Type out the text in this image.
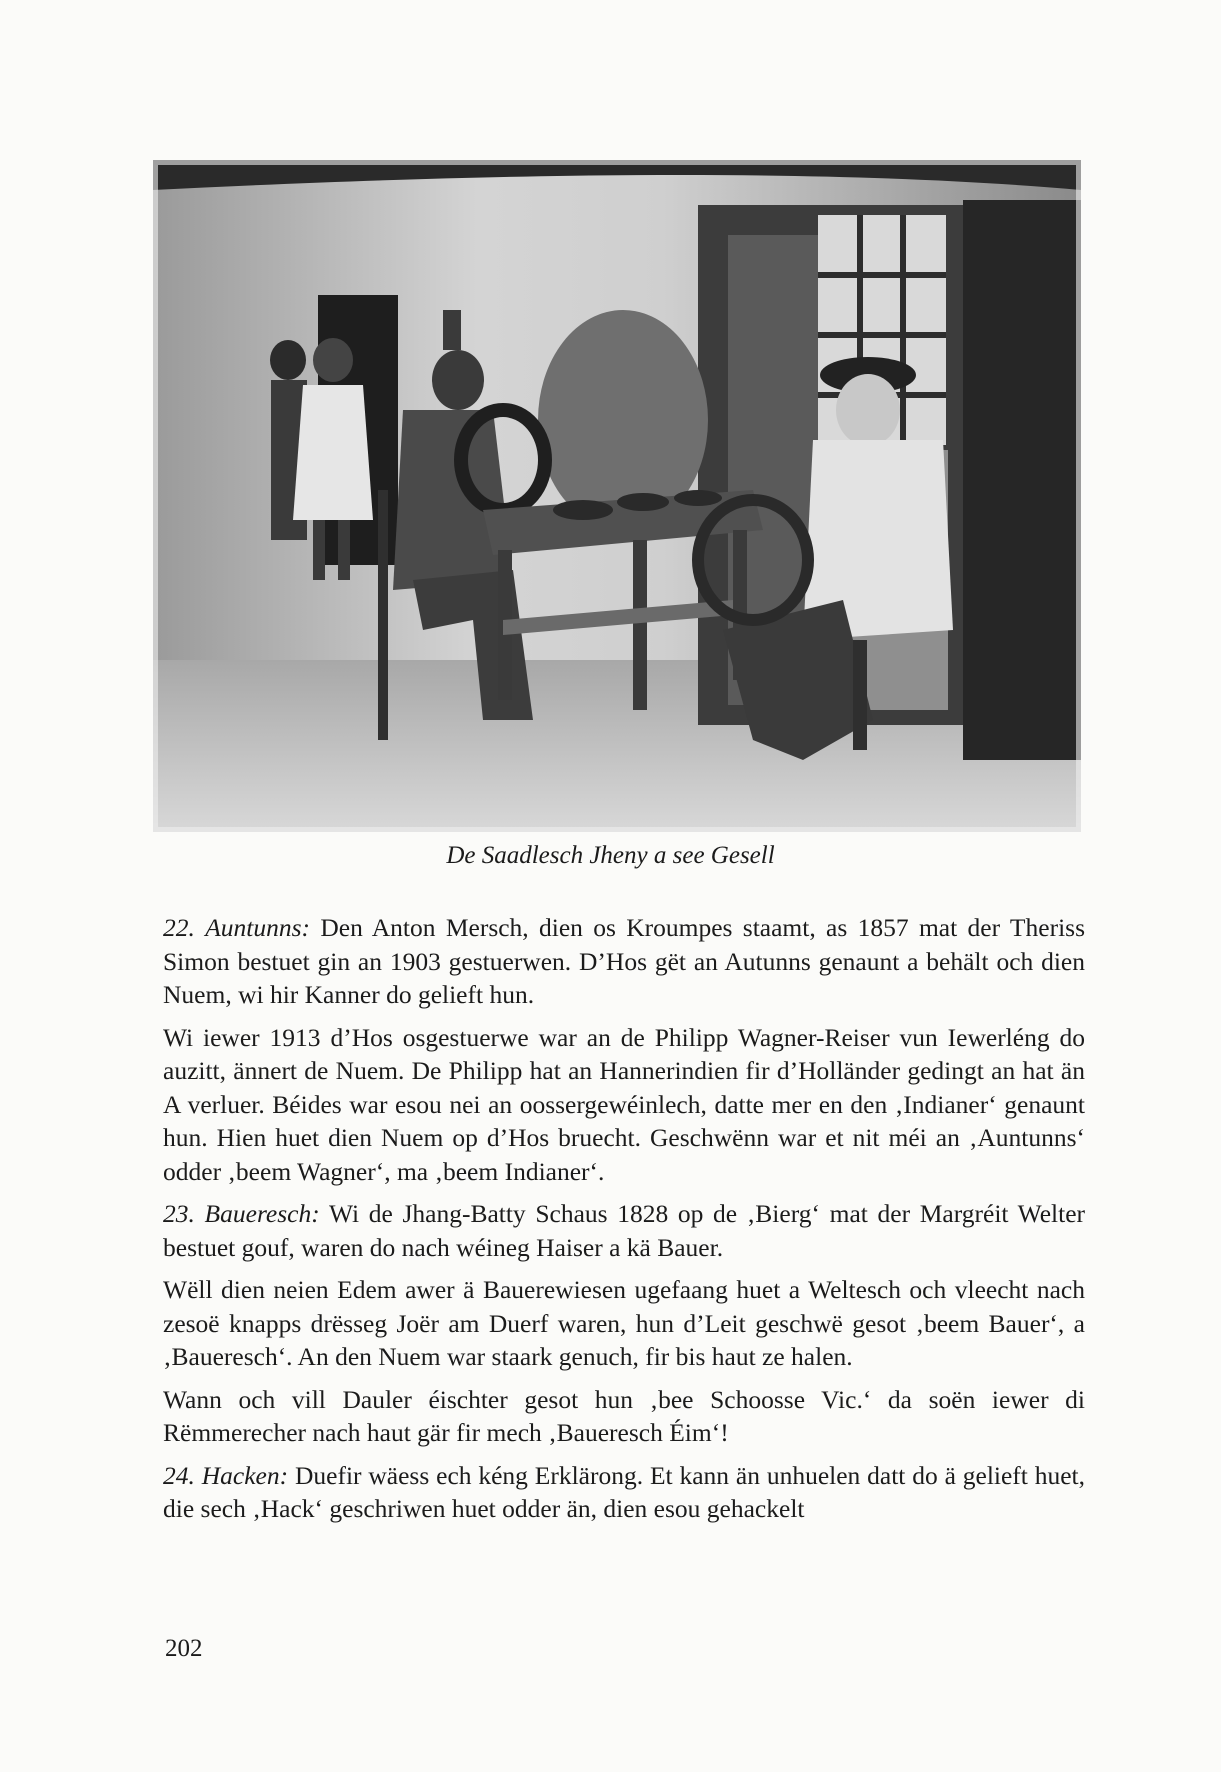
De Saadlesch Jheny a see Gesell

22. Auntunns: Den Anton Mersch, dien os Kroumpes staamt, as 1857 mat der Theriss Simon bestuet gin an 1903 gestuerwen. D’Hos gët an Autunns genaunt a behält och dien Nuem, wi hir Kanner do gelieft hun.

Wi iewer 1913 d’Hos osgestuerwe war an de Philipp Wagner-Reiser vun Iewerléng do auzitt, ännert de Nuem. De Philipp hat an Hannerindien fir d’Holländer gedingt an hat än A verluer. Béides war esou nei an oossergewéinlech, datte mer en den ‚Indianer‘ genaunt hun. Hien huet dien Nuem op d’Hos bruecht. Geschwënn war et nit méi an ‚Auntunns‘ odder ‚beem Wagner‘, ma ‚beem Indianer‘.

23. Baueresch: Wi de Jhang-Batty Schaus 1828 op de ‚Bierg‘ mat der Margréit Welter bestuet gouf, waren do nach wéineg Haiser a kä Bauer.

Wëll dien neien Edem awer ä Bauerewiesen ugefaang huet a Weltesch och vleecht nach zesoë knapps drësseg Joër am Duerf waren, hun d’Leit geschwë gesot ‚beem Bauer‘, a ‚Baueresch‘. An den Nuem war staark genuch, fir bis haut ze halen.

Wann och vill Dauler éischter gesot hun ‚bee Schoosse Vic.‘ da soën iewer di Rëmmerecher nach haut gär fir mech ‚Baueresch Éim‘!

24. Hacken: Duefir wäess ech kéng Erklärong. Et kann än unhuelen datt do ä gelieft huet, die sech ‚Hack‘ geschriwen huet odder än, dien esou gehackelt

202
